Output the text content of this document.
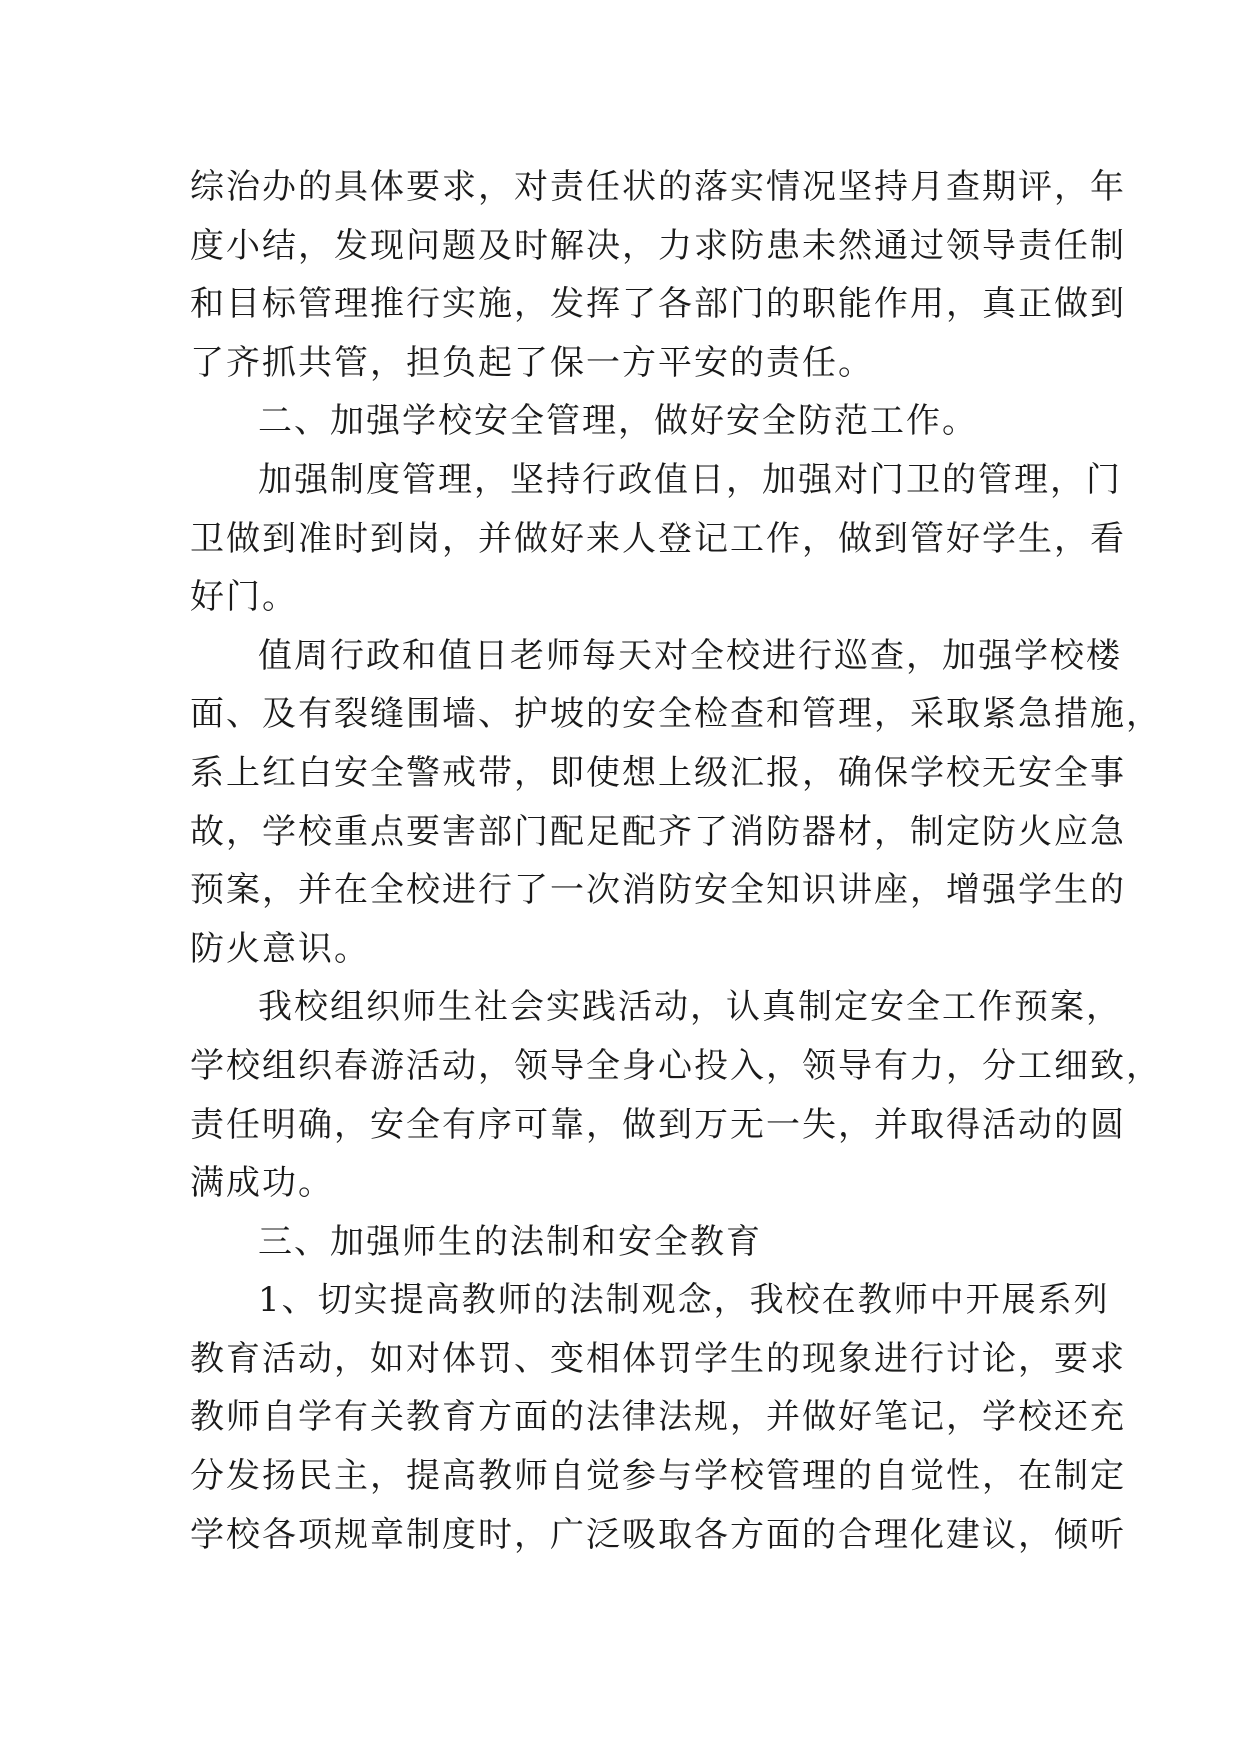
综治办的具体要求，对责任状的落实情况坚持月查期评，年
度小结，发现问题及时解决，力求防患未然通过领导责任制
和目标管理推行实施，发挥了各部门的职能作用，真正做到
了齐抓共管，担负起了保一方平安的责任。
二、加强学校安全管理，做好安全防范工作。
加强制度管理，坚持行政值日，加强对门卫的管理，门
卫做到准时到岗，并做好来人登记工作，做到管好学生，看
好门。
值周行政和值日老师每天对全校进行巡查，加强学校楼
面、及有裂缝围墙、护坡的安全检查和管理，采取紧急措施，
系上红白安全警戒带，即使想上级汇报，确保学校无安全事
故，学校重点要害部门配足配齐了消防器材，制定防火应急
预案，并在全校进行了一次消防安全知识讲座，增强学生的
防火意识。
我校组织师生社会实践活动，认真制定安全工作预案，
学校组织春游活动，领导全身心投入，领导有力，分工细致，
责任明确，安全有序可靠，做到万无一失，并取得活动的圆
满成功。
三、加强师生的法制和安全教育
1、切实提高教师的法制观念，我校在教师中开展系列
教育活动，如对体罚、变相体罚学生的现象进行讨论，要求
教师自学有关教育方面的法律法规，并做好笔记，学校还充
分发扬民主，提高教师自觉参与学校管理的自觉性，在制定
学校各项规章制度时，广泛吸取各方面的合理化建议，倾听
